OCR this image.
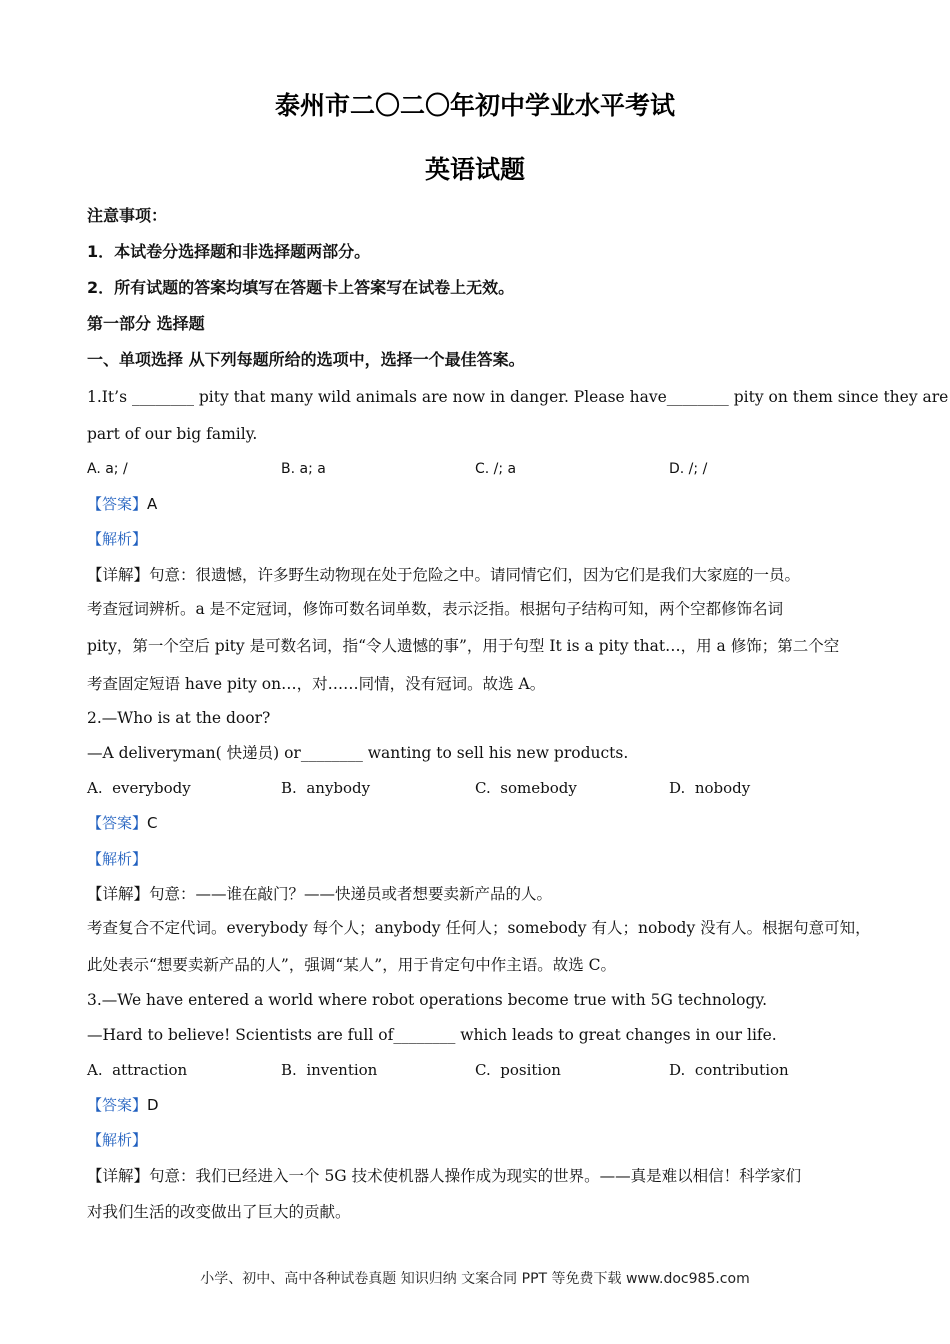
泰州市二〇二〇年初中学业水平考试
英语试题
注意事项：
1．本试卷分选择题和非选择题两部分。
2．所有试题的答案均填写在答题卡上答案写在试卷上无效。
第一部分 选择题
一、单项选择 从下列每题所给的选项中，选择一个最佳答案。
1.It’s ________ pity that many wild animals are now in danger. Please have________ pity on them since they are
part of our big family.
A. a; /	B. a; a	C. /; a	D. /; /
【答案】A
【解析】
【详解】句意：很遗憾，许多野生动物现在处于危险之中。请同情它们，因为它们是我们大家庭的一员。
考查冠词辨析。a 是不定冠词，修饰可数名词单数，表示泛指。根据句子结构可知，两个空都修饰名词
pity，第一个空后 pity 是可数名词，指“令人遗憾的事”，用于句型 It is a pity that…，用 a 修饰；第二个空
考查固定短语 have pity on…，对……同情，没有冠词。故选 A。
2.—Who is at the door?
—A deliveryman( 快递员) or________ wanting to sell his new products.
A. everybody	B. anybody	C. somebody	D. nobody
【答案】C
【解析】
【详解】句意：——谁在敲门？——快递员或者想要卖新产品的人。
考查复合不定代词。everybody 每个人；anybody 任何人；somebody 有人；nobody 没有人。根据句意可知，
此处表示“想要卖新产品的人”，强调“某人”，用于肯定句中作主语。故选 C。
3.—We have entered a world where robot operations become true with 5G technology.
—Hard to believe! Scientists are full of________ which leads to great changes in our life.
A. attraction	B. invention	C. position	D. contribution
【答案】D
【解析】
【详解】句意：我们已经进入一个 5G 技术使机器人操作成为现实的世界。——真是难以相信！科学家们
对我们生活的改变做出了巨大的贡献。
小学、初中、高中各种试卷真题 知识归纳 文案合同 PPT 等免费下载 www.doc985.com
